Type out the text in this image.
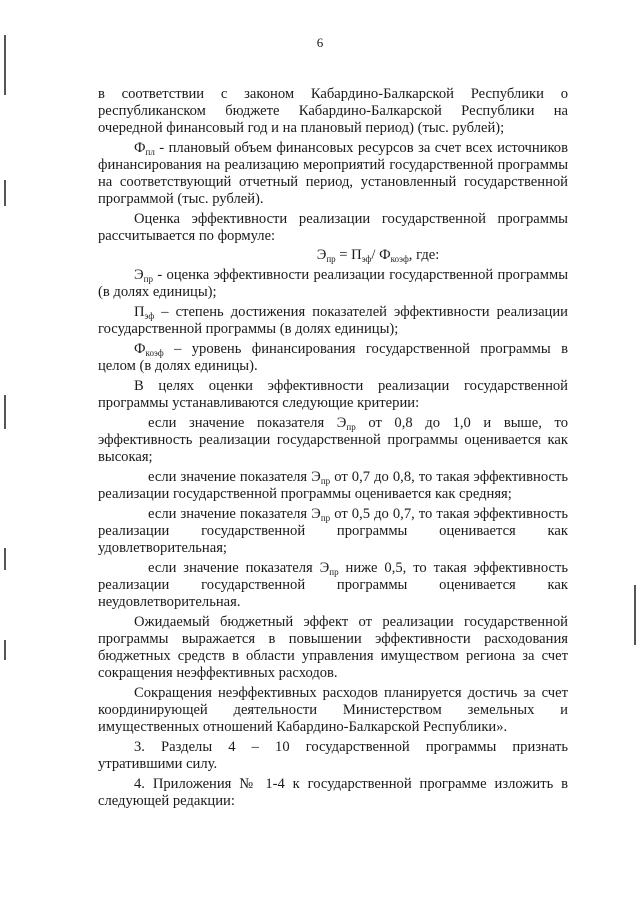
6

в соответствии с законом Кабардино-Балкарской Республики о республиканском бюджете Кабардино-Балкарской Республики на очередной финансовый год и на плановый период) (тыс. рублей);

$Ф_{пл}$ - плановый объем финансовых ресурсов за счет всех источников финансирования на реализацию мероприятий государственной программы на соответствующий отчетный период, установленный государственной программой (тыс. рублей).

Оценка эффективности реализации государственной программы рассчитывается по формуле:

$Э_{пр} = П_{эф}/$ $Ф_{коэф}$, где:

$Э_{пр}$ - оценка эффективности реализации государственной программы (в долях единицы);

$П_{эф}$ – степень достижения показателей эффективности реализации государственной программы (в долях единицы);

$Ф_{коэф}$ – уровень финансирования государственной программы в целом (в долях единицы).

В целях оценки эффективности реализации государственной программы устанавливаются следующие критерии:

если значение показателя $Э_{пр}$ от 0,8 до 1,0 и выше, то эффективность реализации государственной программы оценивается как высокая;

если значение показателя $Э_{пр}$ от 0,7 до 0,8, то такая эффективность реализации государственной программы оценивается как средняя;

если значение показателя $Э_{пр}$ от 0,5 до 0,7, то такая эффективность реализации государственной программы оценивается как удовлетворительная;

если значение показателя $Э_{пр}$ ниже 0,5, то такая эффективность реализации государственной программы оценивается как неудовлетворительная.

Ожидаемый бюджетный эффект от реализации государственной программы выражается в повышении эффективности расходования бюджетных средств в области управления имуществом региона за счет сокращения неэффективных расходов.

Сокращения неэффективных расходов планируется достичь за счет координирующей деятельности Министерством земельных и имущественных отношений Кабардино-Балкарской Республики».

3. Разделы 4 – 10 государственной программы признать утратившими силу.

4. Приложения № 1-4 к государственной программе изложить в следующей редакции:
